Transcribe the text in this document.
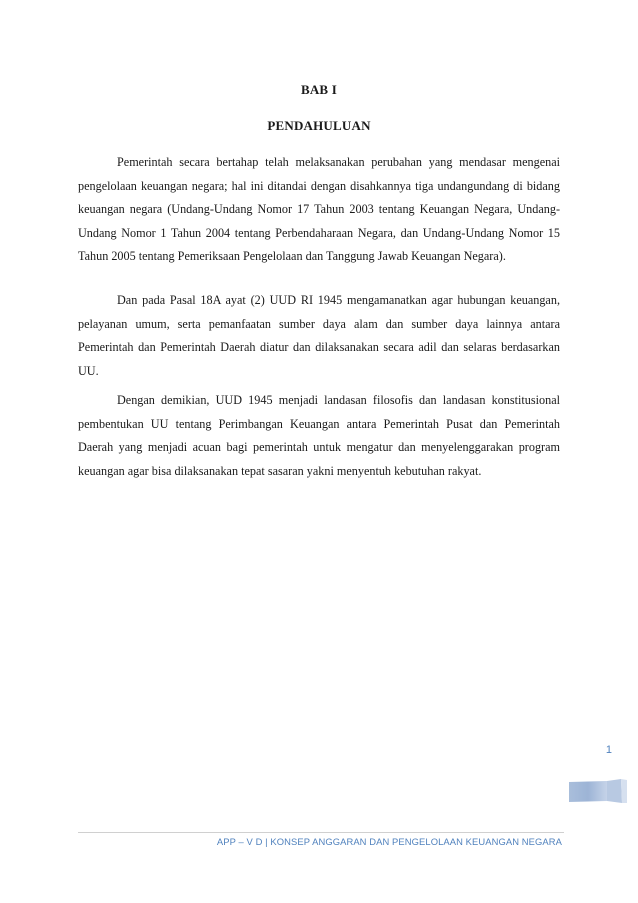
BAB I
PENDAHULUAN

Pemerintah secara bertahap telah melaksanakan perubahan yang mendasar mengenai pengelolaan keuangan negara; hal ini ditandai dengan disahkannya tiga undangundang di bidang keuangan negara (Undang-Undang Nomor 17 Tahun 2003 tentang Keuangan Negara, Undang-Undang Nomor 1 Tahun 2004 tentang Perbendaharaan Negara, dan Undang-Undang Nomor 15 Tahun 2005 tentang Pemeriksaan Pengelolaan dan Tanggung Jawab Keuangan Negara).

Dan pada Pasal 18A ayat (2) UUD RI 1945 mengamanatkan agar hubungan keuangan, pelayanan umum, serta pemanfaatan sumber daya alam dan sumber daya lainnya antara Pemerintah dan Pemerintah Daerah diatur dan dilaksanakan secara adil dan selaras berdasarkan UU.

Dengan demikian, UUD 1945 menjadi landasan filosofis dan landasan konstitusional pembentukan UU tentang Perimbangan Keuangan antara Pemerintah Pusat dan Pemerintah Daerah yang menjadi acuan bagi pemerintah untuk mengatur dan menyelenggarakan program keuangan agar bisa dilaksanakan tepat sasaran yakni menyentuh kebutuhan rakyat.

1
APP – V D | KONSEP ANGGARAN DAN PENGELOLAAN KEUANGAN NEGARA
